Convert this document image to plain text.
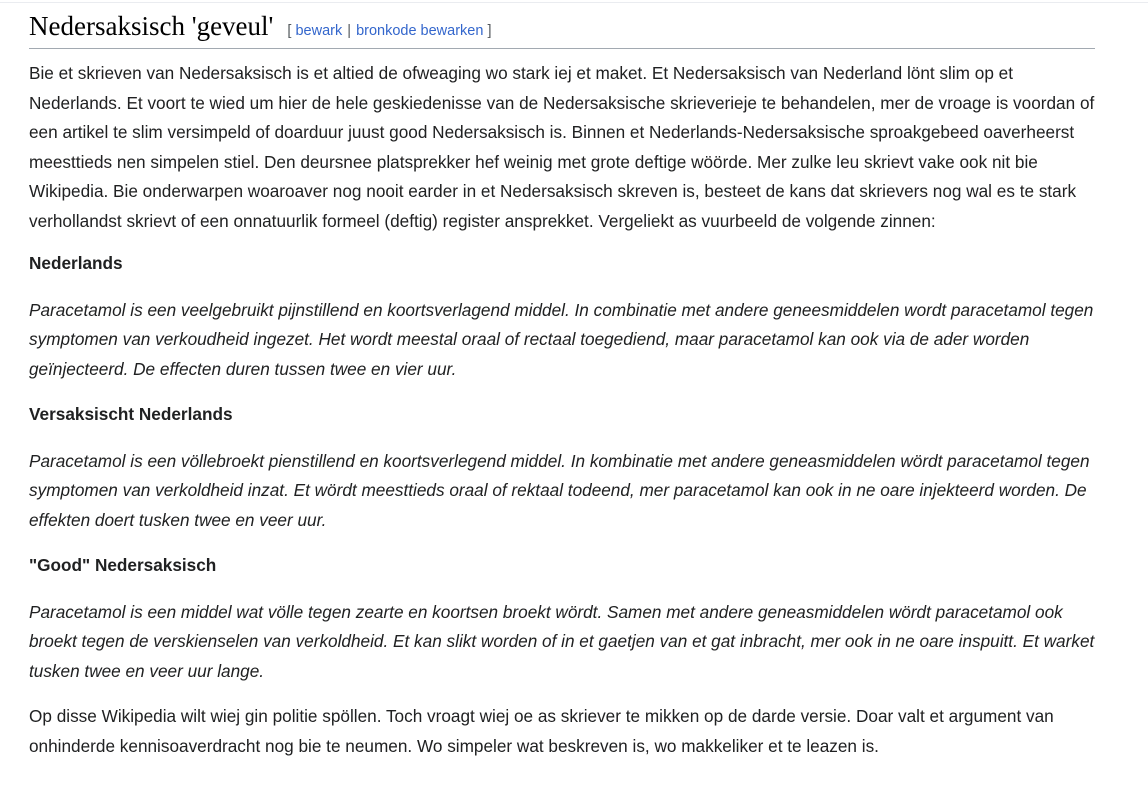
Nedersaksisch 'geveul' [ bewark | bronkode bewarken ]

Bie et skrieven van Nedersaksisch is et altied de ofweaging wo stark iej et maket. Et Nedersaksisch van Nederland lönt slim op et Nederlands. Et voort te wied um hier de hele geskiedenisse van de Nedersaksische skrieverieje te behandelen, mer de vroage is voordan of een artikel te slim versimpeld of doarduur juust good Nedersaksisch is. Binnen et Nederlands-Nedersaksische sproakgebeed oaverheerst meesttieds nen simpelen stiel. Den deursnee platsprekker hef weinig met grote deftige wöörde. Mer zulke leu skrievt vake ook nit bie Wikipedia. Bie onderwarpen woaroaver nog nooit earder in et Nedersaksisch skreven is, besteet de kans dat skrievers nog wal es te stark verhollandst skrievt of een onnatuurlik formeel (deftig) register ansprekket. Vergeliekt as vuurbeeld de volgende zinnen:

Nederlands

Paracetamol is een veelgebruikt pijnstillend en koortsverlagend middel. In combinatie met andere geneesmiddelen wordt paracetamol tegen symptomen van verkoudheid ingezet. Het wordt meestal oraal of rectaal toegediend, maar paracetamol kan ook via de ader worden geïnjecteerd. De effecten duren tussen twee en vier uur.

Versaksischt Nederlands

Paracetamol is een völlebroekt pienstillend en koortsverlegend middel. In kombinatie met andere geneasmiddelen wördt paracetamol tegen symptomen van verkoldheid inzat. Et wördt meesttieds oraal of rektaal todeend, mer paracetamol kan ook in ne oare injekteerd worden. De effekten doert tusken twee en veer uur.

"Good" Nedersaksisch

Paracetamol is een middel wat völle tegen zearte en koortsen broekt wördt. Samen met andere geneasmiddelen wördt paracetamol ook broekt tegen de verskienselen van verkoldheid. Et kan slikt worden of in et gaetjen van et gat inbracht, mer ook in ne oare inspuitt. Et warket tusken twee en veer uur lange.

Op disse Wikipedia wilt wiej gin politie spöllen. Toch vroagt wiej oe as skriever te mikken op de darde versie. Doar valt et argument van onhinderde kennisoaverdracht nog bie te neumen. Wo simpeler wat beskreven is, wo makkeliker et te leazen is.
